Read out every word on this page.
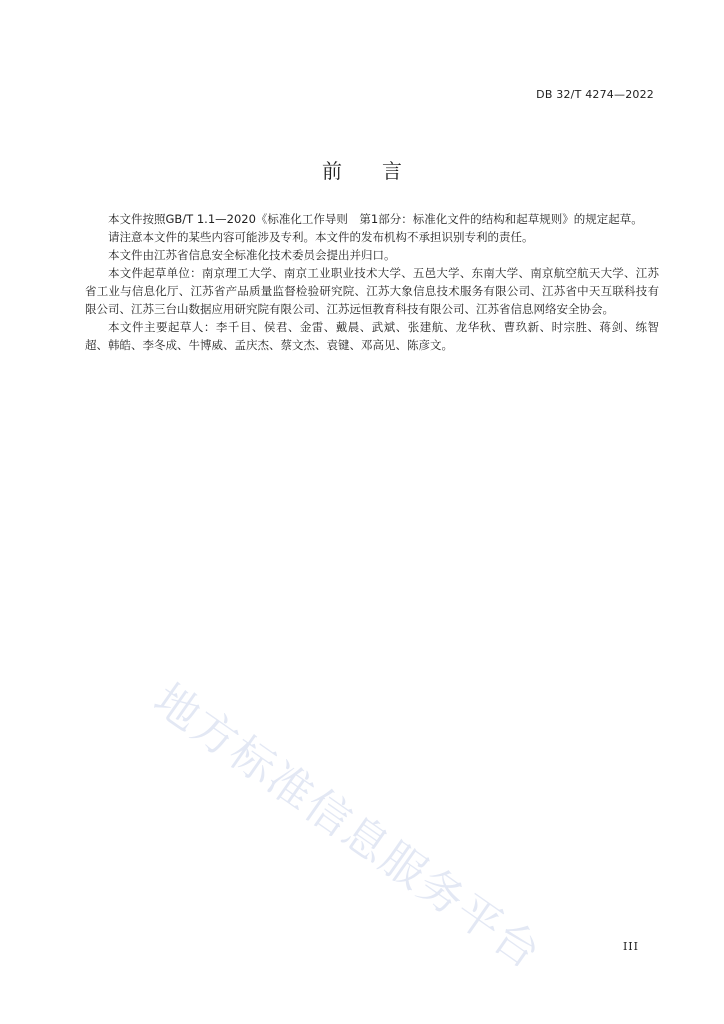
DB 32/T 4274—2022
前　　言

本文件按照GB/T 1.1—2020《标准化工作导则　第1部分：标准化文件的结构和起草规则》的规定起草。

请注意本文件的某些内容可能涉及专利。本文件的发布机构不承担识别专利的责任。

本文件由江苏省信息安全标准化技术委员会提出并归口。

本文件起草单位：南京理工大学、南京工业职业技术大学、五邑大学、东南大学、南京航空航天大学、江苏省工业与信息化厅、江苏省产品质量监督检验研究院、江苏大象信息技术服务有限公司、江苏省中天互联科技有限公司、江苏三台山数据应用研究院有限公司、江苏远恒教育科技有限公司、江苏省信息网络安全协会。

本文件主要起草人：李千目、侯君、金雷、戴晨、武斌、张建航、龙华秋、曹玖新、时宗胜、蒋剑、练智超、韩皓、李冬成、牛博威、孟庆杰、蔡文杰、袁键、邓高见、陈彦文。

地方标准信息服务平台	III
